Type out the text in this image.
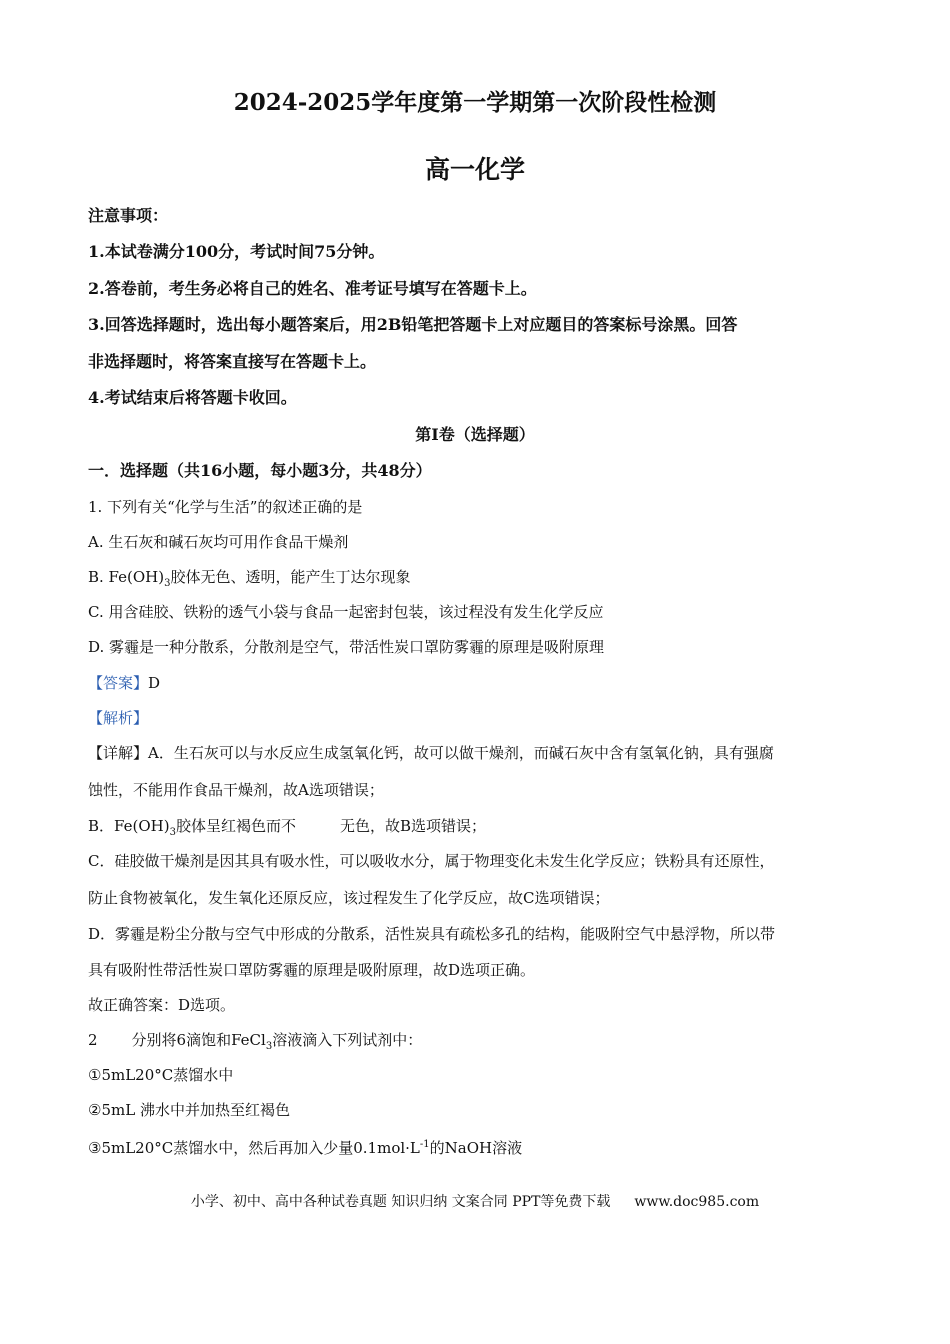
2024-2025学年度第一学期第一次阶段性检测
高一化学
注意事项：
1.本试卷满分100分，考试时间75分钟。
2.答卷前，考生务必将自己的姓名、准考证号填写在答题卡上。
3.回答选择题时，选出每小题答案后，用2B铅笔把答题卡上对应题目的答案标号涂黑。回答
非选择题时，将答案直接写在答题卡上。
4.考试结束后将答题卡收回。
第I卷（选择题）
一．选择题（共16小题，每小题3分，共48分）
1. 下列有关“化学与生活”的叙述正确的是
A. 生石灰和碱石灰均可用作食品干燥剂
B. $Fe(OH)_3$胶体无色、透明，能产生丁达尔现象
C. 用含硅胶、铁粉的透气小袋与食品一起密封包装，该过程没有发生化学反应
D. 雾霾是一种分散系，分散剂是空气，带活性炭口罩防雾霾的原理是吸附原理
【答案】D
【解析】
【详解】A．生石灰可以与水反应生成氢氧化钙，故可以做干燥剂，而碱石灰中含有氢氧化钠，具有强腐
蚀性，不能用作食品干燥剂，故A选项错误；
B．$Fe(OH)_3$胶体呈红褐色而不	无色，故B选项错误；
C．硅胶做干燥剂是因其具有吸水性，可以吸收水分，属于物理变化未发生化学反应；铁粉具有还原性，
防止食物被氧化，发生氧化还原反应，该过程发生了化学反应，故C选项错误；
D．雾霾是粉尘分散与空气中形成的分散系，活性炭具有疏松多孔的结构，能吸附空气中悬浮物，所以带
具有吸附性带活性炭口罩防雾霾的原理是吸附原理，故D选项正确。
故正确答案：D选项。
2 分别将6滴饱和FeCl$_3$溶液滴入下列试剂中：
①5mL20°C蒸馏水中
②5mL 沸水中并加热至红褐色
③5mL20°C蒸馏水中，然后再加入少量$0.1mol\cdot L^{-1}$的NaOH溶液
小学、初中、高中各种试卷真题 知识归纳 文案合同 PPT等免费下载 www.doc985.com
